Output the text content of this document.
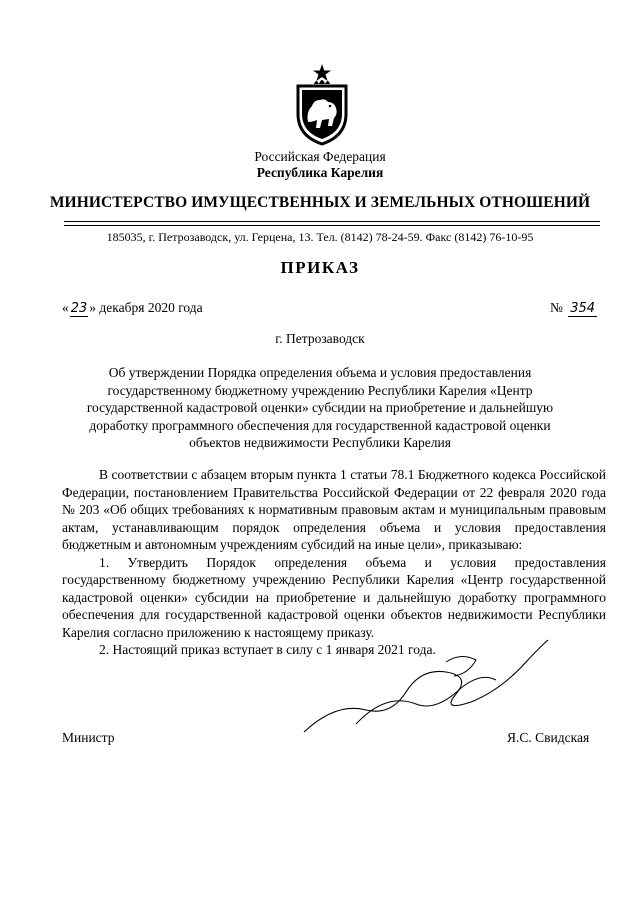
Российская Федерация
Республика Карелия
МИНИСТЕРСТВО ИМУЩЕСТВЕННЫХ И ЗЕМЕЛЬНЫХ ОТНОШЕНИЙ
185035, г. Петрозаводск, ул. Герцена, 13. Тел. (8142) 78-24-59. Факс (8142) 76-10-95
ПРИКАЗ
« 23 » декабря 2020 года	№ 354
г. Петрозаводск
Об утверждении Порядка определения объема и условия предоставления государственному бюджетному учреждению Республики Карелия «Центр государственной кадастровой оценки» субсидии на приобретение и дальнейшую доработку программного обеспечения для государственной кадастровой оценки объектов недвижимости Республики Карелия

В соответствии с абзацем вторым пункта 1 статьи 78.1 Бюджетного кодекса Российской Федерации, постановлением Правительства Российской Федерации от 22 февраля 2020 года № 203 «Об общих требованиях к нормативным правовым актам и муниципальным правовым актам, устанавливающим порядок определения объема и условия предоставления бюджетным и автономным учреждениям субсидий на иные цели», приказываю:

1. Утвердить Порядок определения объема и условия предоставления государственному бюджетному учреждению Республики Карелия «Центр государственной кадастровой оценки» субсидии на приобретение и дальнейшую доработку программного обеспечения для государственной кадастровой оценки объектов недвижимости Республики Карелия согласно приложению к настоящему приказу.

2. Настоящий приказ вступает в силу с 1 января 2021 года.

Министр	Я.С. Свидская
